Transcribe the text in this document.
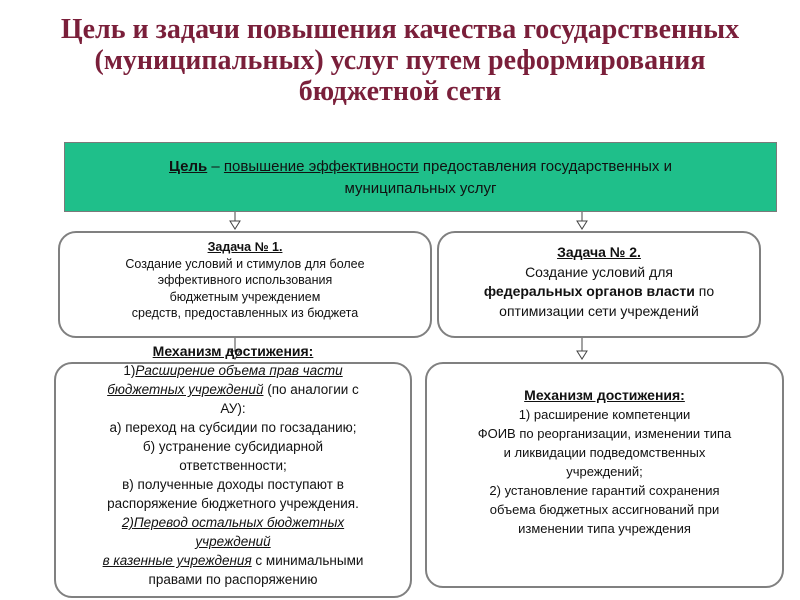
Цель и задачи повышения качества государственных
(муниципальных) услуг путем реформирования
бюджетной сети
Цель – повышение эффективности предоставления государственных и
муниципальных услуг
Задача № 1.
Создание условий и стимулов для более
эффективного использования
бюджетным учреждением
средств, предоставленных из бюджета
Задача № 2.
Создание условий для
федеральных органов власти по
оптимизации сети учреждений
Механизм достижения:
1)Расширение объема прав части
бюджетных учреждений (по аналогии с
АУ):
а) переход на субсидии по госзаданию;
б) устранение субсидиарной
ответственности;
в) полученные доходы поступают в
распоряжение бюджетного учреждения.
2)Перевод остальных бюджетных
учреждений
в казенные учреждения с минимальными
правами по распоряжению
Механизм достижения:
1) расширение компетенции
ФОИВ по реорганизации, изменении типа
и ликвидации подведомственных
учреждений;
2) установление гарантий сохранения
объема бюджетных ассигнований при
изменении типа учреждения
